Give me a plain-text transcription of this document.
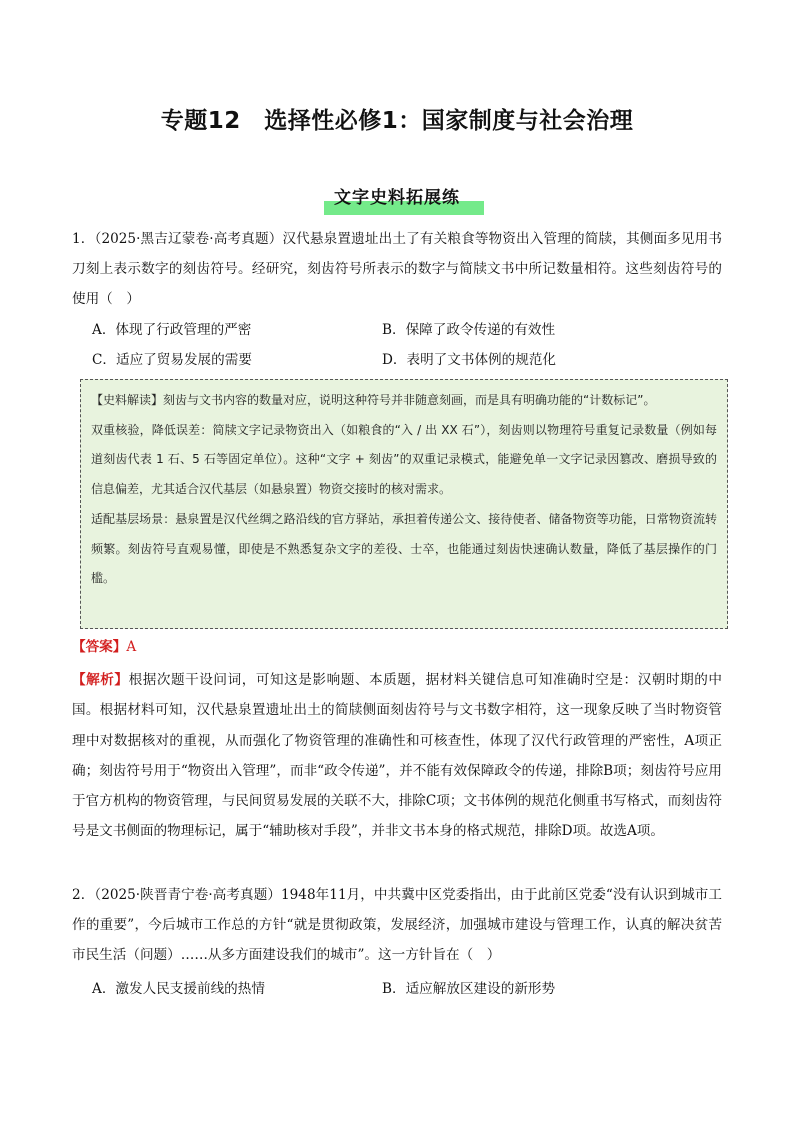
专题12　选择性必修1：国家制度与社会治理
文字史料拓展练
1．（2025·黑吉辽蒙卷·高考真题）汉代悬泉置遗址出土了有关粮食等物资出入管理的简牍，其侧面多见用书刀刻上表示数字的刻齿符号。经研究，刻齿符号所表示的数字与简牍文书中所记数量相符。这些刻齿符号的使用（　）
A．体现了行政管理的严密	B．保障了政令传递的有效性
C．适应了贸易发展的需要	D．表明了文书体例的规范化

【史料解读】刻齿与文书内容的数量对应，说明这种符号并非随意刻画，而是具有明确功能的“计数标记”。

双重核验，降低误差：简牍文字记录物资出入（如粮食的“入 / 出 XX 石”），刻齿则以物理符号重复记录数量（例如每道刻齿代表 1 石、5 石等固定单位）。这种“文字 + 刻齿”的双重记录模式，能避免单一文字记录因篡改、磨损导致的信息偏差，尤其适合汉代基层（如悬泉置）物资交接时的核对需求。

适配基层场景：悬泉置是汉代丝绸之路沿线的官方驿站，承担着传递公文、接待使者、储备物资等功能，日常物资流转频繁。刻齿符号直观易懂，即使是不熟悉复杂文字的差役、士卒，也能通过刻齿快速确认数量，降低了基层操作的门槛。

【答案】A
【解析】根据次题干设问词，可知这是影响题、本质题，据材料关键信息可知准确时空是：汉朝时期的中国。根据材料可知，汉代悬泉置遗址出土的简牍侧面刻齿符号与文书数字相符，这一现象反映了当时物资管理中对数据核对的重视，从而强化了物资管理的准确性和可核查性，体现了汉代行政管理的严密性，A项正确；刻齿符号用于“物资出入管理”，而非“政令传递”，并不能有效保障政令的传递，排除B项；刻齿符号应用于官方机构的物资管理，与民间贸易发展的关联不大，排除C项；文书体例的规范化侧重书写格式，而刻齿符号是文书侧面的物理标记，属于“辅助核对手段”，并非文书本身的格式规范，排除D项。故选A项。
2．（2025·陕晋青宁卷·高考真题）1948年11月，中共冀中区党委指出，由于此前区党委“没有认识到城市工作的重要”，今后城市工作总的方针“就是贯彻政策，发展经济，加强城市建设与管理工作，认真的解决贫苦市民生活（问题）……从多方面建设我们的城市”。这一方针旨在（　）
A．激发人民支援前线的热情	B．适应解放区建设的新形势
